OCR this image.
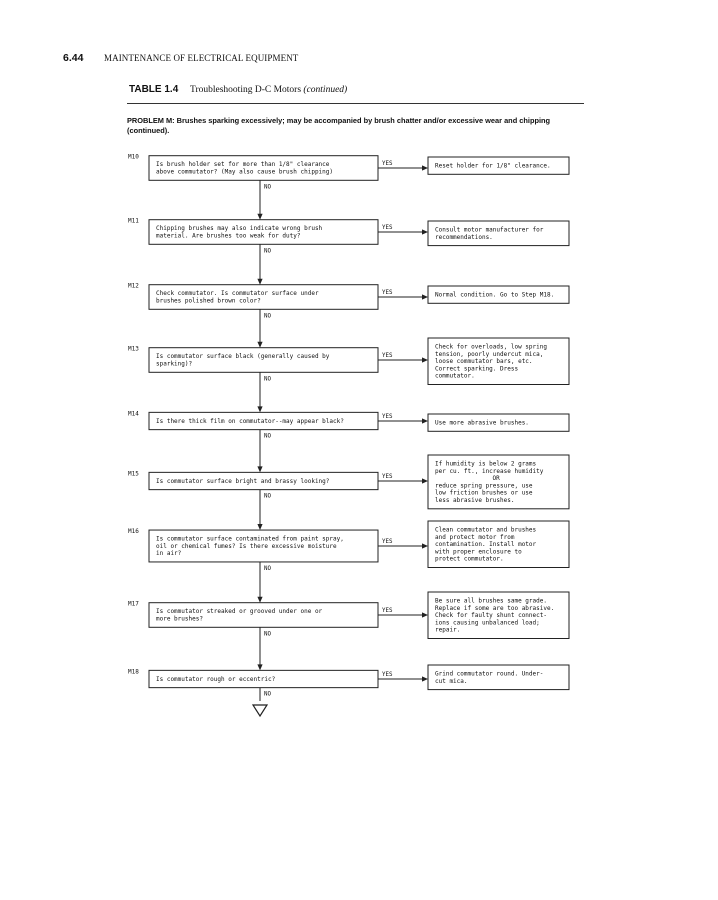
6.44 MAINTENANCE OF ELECTRICAL EQUIPMENT
TABLE 1.4 Troubleshooting D-C Motors (continued)
PROBLEM M: Brushes sparking excessively; may be accompanied by brush chatter and/or excessive wear and chipping (continued).
M10
Is brush holder set for more than 1/8" clearance
above commutator? (May also cause brush chipping)
Reset holder for 1/8" clearance.
YES
M11
Chipping brushes may also indicate wrong brush
material. Are brushes too weak for duty?
Consult motor manufacturer for
recommendations.
YES
M12
Check commutator. Is commutator surface under
brushes polished brown color?
Normal condition. Go to Step M18.
YES
M13
Is commutator surface black (generally caused by
sparking)?
Check for overloads, low spring
tension, poorly undercut mica,
loose commutator bars, etc.
Correct sparking. Dress
commutator.
YES
M14
Is there thick film on commutator--may appear black?	Use more abrasive brushes.
YES
M15
Is commutator surface bright and brassy looking?
If humidity is below 2 grams
per cu. ft., increase humidity
OR
reduce spring pressure, use
low friction brushes or use
less abrasive brushes.
YES
M16
Is commutator surface contaminated from paint spray,
oil or chemical fumes? Is there excessive moisture
in air?
Clean commutator and brushes
and protect motor from
contamination. Install motor
with proper enclosure to
protect commutator.
YES
M17
Is commutator streaked or grooved under one or
more brushes?
Be sure all brushes same grade.
Replace if some are too abrasive.
Check for faulty shunt connect-
ions causing unbalanced load;
repair.
YES
M18
Is commutator rough or eccentric?
Grind commutator round. Under-
cut mica.
YES
NO
NO
NO
NO
NO
NO
NO
NO
NO
